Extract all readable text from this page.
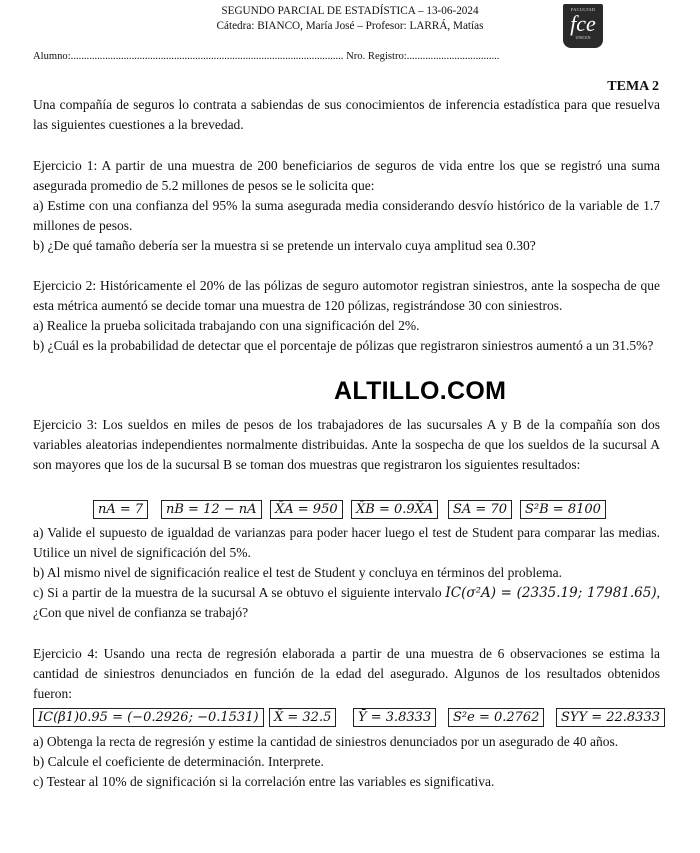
SEGUNDO PARCIAL DE ESTADÍSTICA – 13-06-2024
Cátedra: BIANCO, María José – Profesor: LARRÁ, Matías
FACULTAD
fce
UNICEN
Alumno:....................................................................................................... Nro. Registro:...................................
TEMA 2

Una compañía de seguros lo contrata a sabiendas de sus conocimientos de inferencia estadística para que resuelva las siguientes cuestiones a la brevedad.

Ejercicio 1: A partir de una muestra de 200 beneficiarios de seguros de vida entre los que se registró una suma asegurada promedio de 5.2 millones de pesos se le solicita que:

a) Estime con una confianza del 95% la suma asegurada media considerando desvío histórico de la variable de 1.7 millones de pesos.

b) ¿De qué tamaño debería ser la muestra si se pretende un intervalo cuya amplitud sea 0.30?

Ejercicio 2: Históricamente el 20% de las pólizas de seguro automotor registran siniestros, ante la sospecha de que esta métrica aumentó se decide tomar una muestra de 120 pólizas, registrándose 30 con siniestros.

a) Realice la prueba solicitada trabajando con una significación del 2%.

b) ¿Cuál es la probabilidad de detectar que el porcentaje de pólizas que registraron siniestros aumentó a un 31.5%?

ALTILLO.COM

Ejercicio 3: Los sueldos en miles de pesos de los trabajadores de las sucursales A y B de la compañía son dos variables aleatorias independientes normalmente distribuidas. Ante la sospecha de que los sueldos de la sucursal A son mayores que los de la sucursal B se toman dos muestras que registraron los siguientes resultados:

nA = 7	nB = 12 − nA	X̄A = 950	X̄B = 0.9X̄A	SA = 70	S²B = 8100

a) Valide el supuesto de igualdad de varianzas para poder hacer luego el test de Student para comparar las medias. Utilice un nivel de significación del 5%.

b) Al mismo nivel de significación realice el test de Student y concluya en términos del problema.

c) Si a partir de la muestra de la sucursal A se obtuvo el siguiente intervalo IC(σ²A) = (2335.19; 17981.65), ¿Con que nivel de confianza se trabajó?

Ejercicio 4: Usando una recta de regresión elaborada a partir de una muestra de 6 observaciones se estima la cantidad de siniestros denunciados en función de la edad del asegurado. Algunos de los resultados obtenidos fueron:

IC(β1)0.95 = (−0.2926; −0.1531)	X̄ = 32.5	Ȳ = 3.8333	S²e = 0.2762	SYY = 22.8333

a) Obtenga la recta de regresión y estime la cantidad de siniestros denunciados por un asegurado de 40 años.

b) Calcule el coeficiente de determinación. Interprete.

c) Testear al 10% de significación si la correlación entre las variables es significativa.
